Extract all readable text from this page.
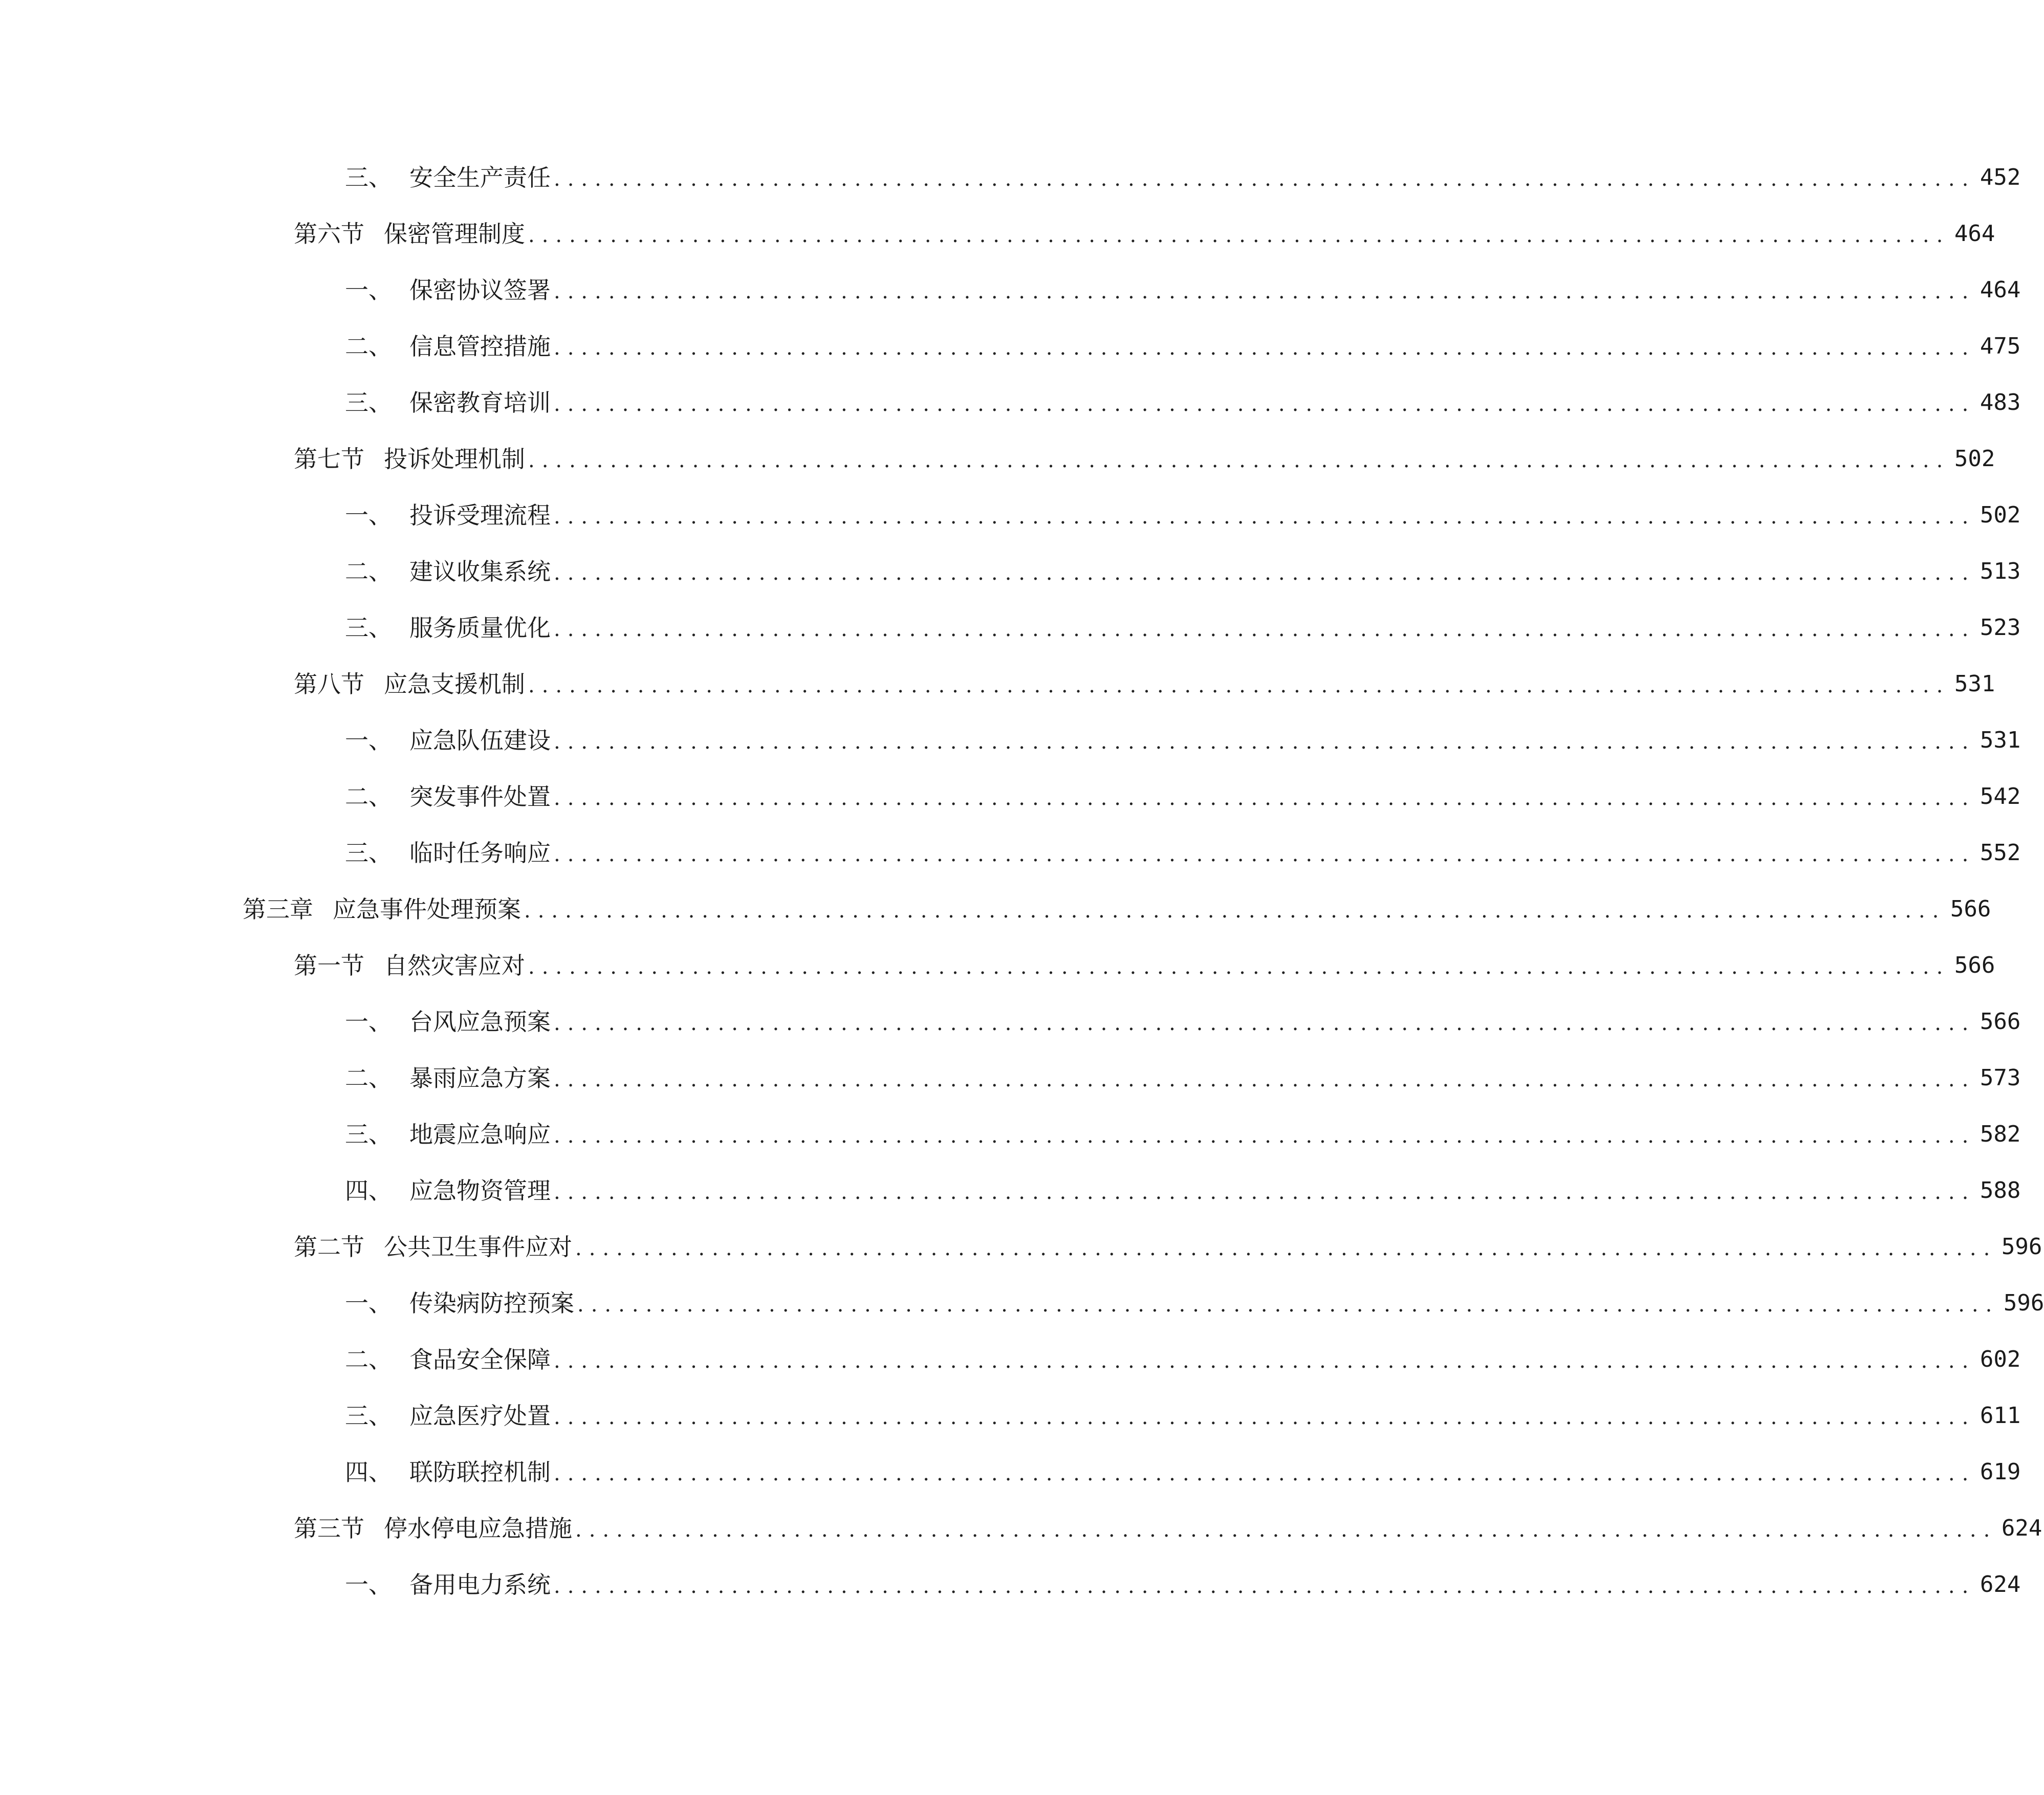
三、 安全生产责任 ........................................................................................................ 452
第六节 保密管理制度 ........................................................................................................ 464
一、 保密协议签署 ........................................................................................................ 464
二、 信息管控措施 ........................................................................................................ 475
三、 保密教育培训 ........................................................................................................ 483
第七节 投诉处理机制 ........................................................................................................ 502
一、 投诉受理流程 ........................................................................................................ 502
二、 建议收集系统 ........................................................................................................ 513
三、 服务质量优化 ........................................................................................................ 523
第八节 应急支援机制 ........................................................................................................ 531
一、 应急队伍建设 ........................................................................................................ 531
二、 突发事件处置 ........................................................................................................ 542
三、 临时任务响应 ........................................................................................................ 552
第三章 应急事件处理预案 ........................................................................................................ 566
第一节 自然灾害应对 ........................................................................................................ 566
一、 台风应急预案 ........................................................................................................ 566
二、 暴雨应急方案 ........................................................................................................ 573
三、 地震应急响应 ........................................................................................................ 582
四、 应急物资管理 ........................................................................................................ 588
第二节 公共卫生事件应对 ........................................................................................................ 596
一、 传染病防控预案 ........................................................................................................ 596
二、 食品安全保障 ........................................................................................................ 602
三、 应急医疗处置 ........................................................................................................ 611
四、 联防联控机制 ........................................................................................................ 619
第三节 停水停电应急措施 ........................................................................................................ 624
一、 备用电力系统 ........................................................................................................ 624
